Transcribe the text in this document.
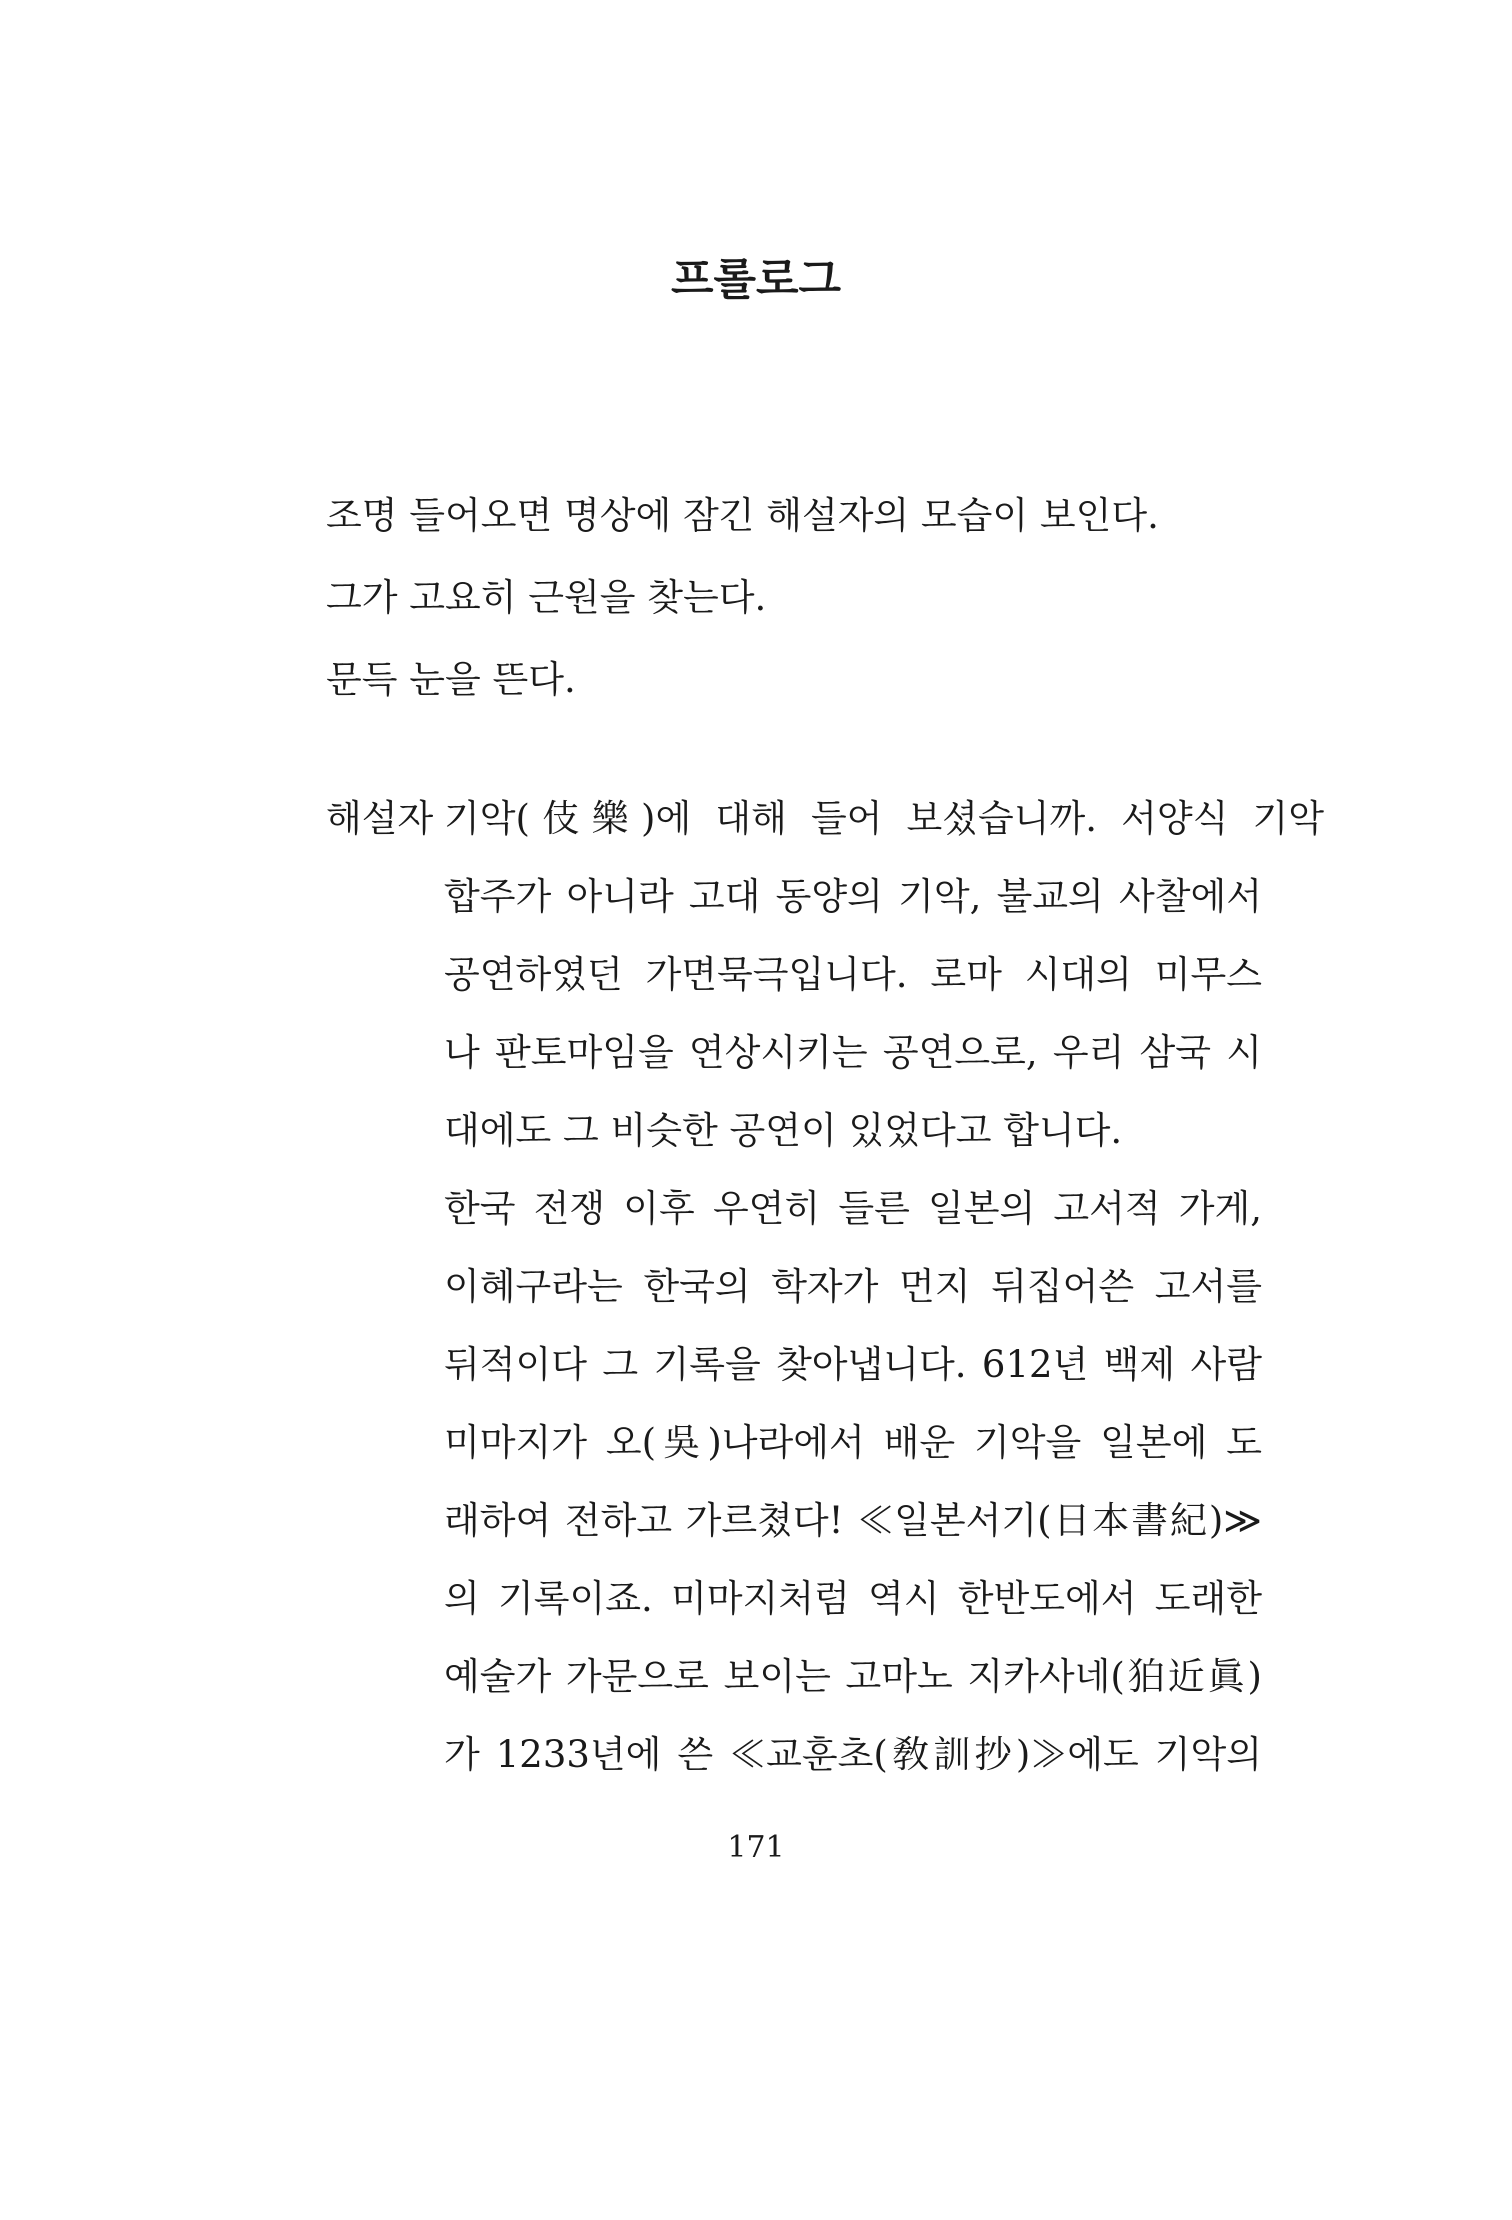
프롤로그
조명 들어오면 명상에 잠긴 해설자의 모습이 보인다.
그가 고요히 근원을 찾는다.
문득 눈을 뜬다.
해설자 기악(伎樂)에 대해 들어 보셨습니까. 서양식 기악
합주가 아니라 고대 동양의 기악, 불교의 사찰에서
공연하였던 가면묵극입니다. 로마 시대의 미무스
나 판토마임을 연상시키는 공연으로, 우리 삼국 시
대에도 그 비슷한 공연이 있었다고 합니다.
한국 전쟁 이후 우연히 들른 일본의 고서적 가게,
이혜구라는 한국의 학자가 먼지 뒤집어쓴 고서를
뒤적이다 그 기록을 찾아냅니다. 612년 백제 사람
미마지가 오(吳)나라에서 배운 기악을 일본에 도
래하여 전하고 가르쳤다! ≪일본서기(日本書紀)≫
의 기록이죠. 미마지처럼 역시 한반도에서 도래한
예술가 가문으로 보이는 고마노 지카사네(狛近眞)
가 1233년에 쓴 ≪교훈초(敎訓抄)≫에도 기악의
171
